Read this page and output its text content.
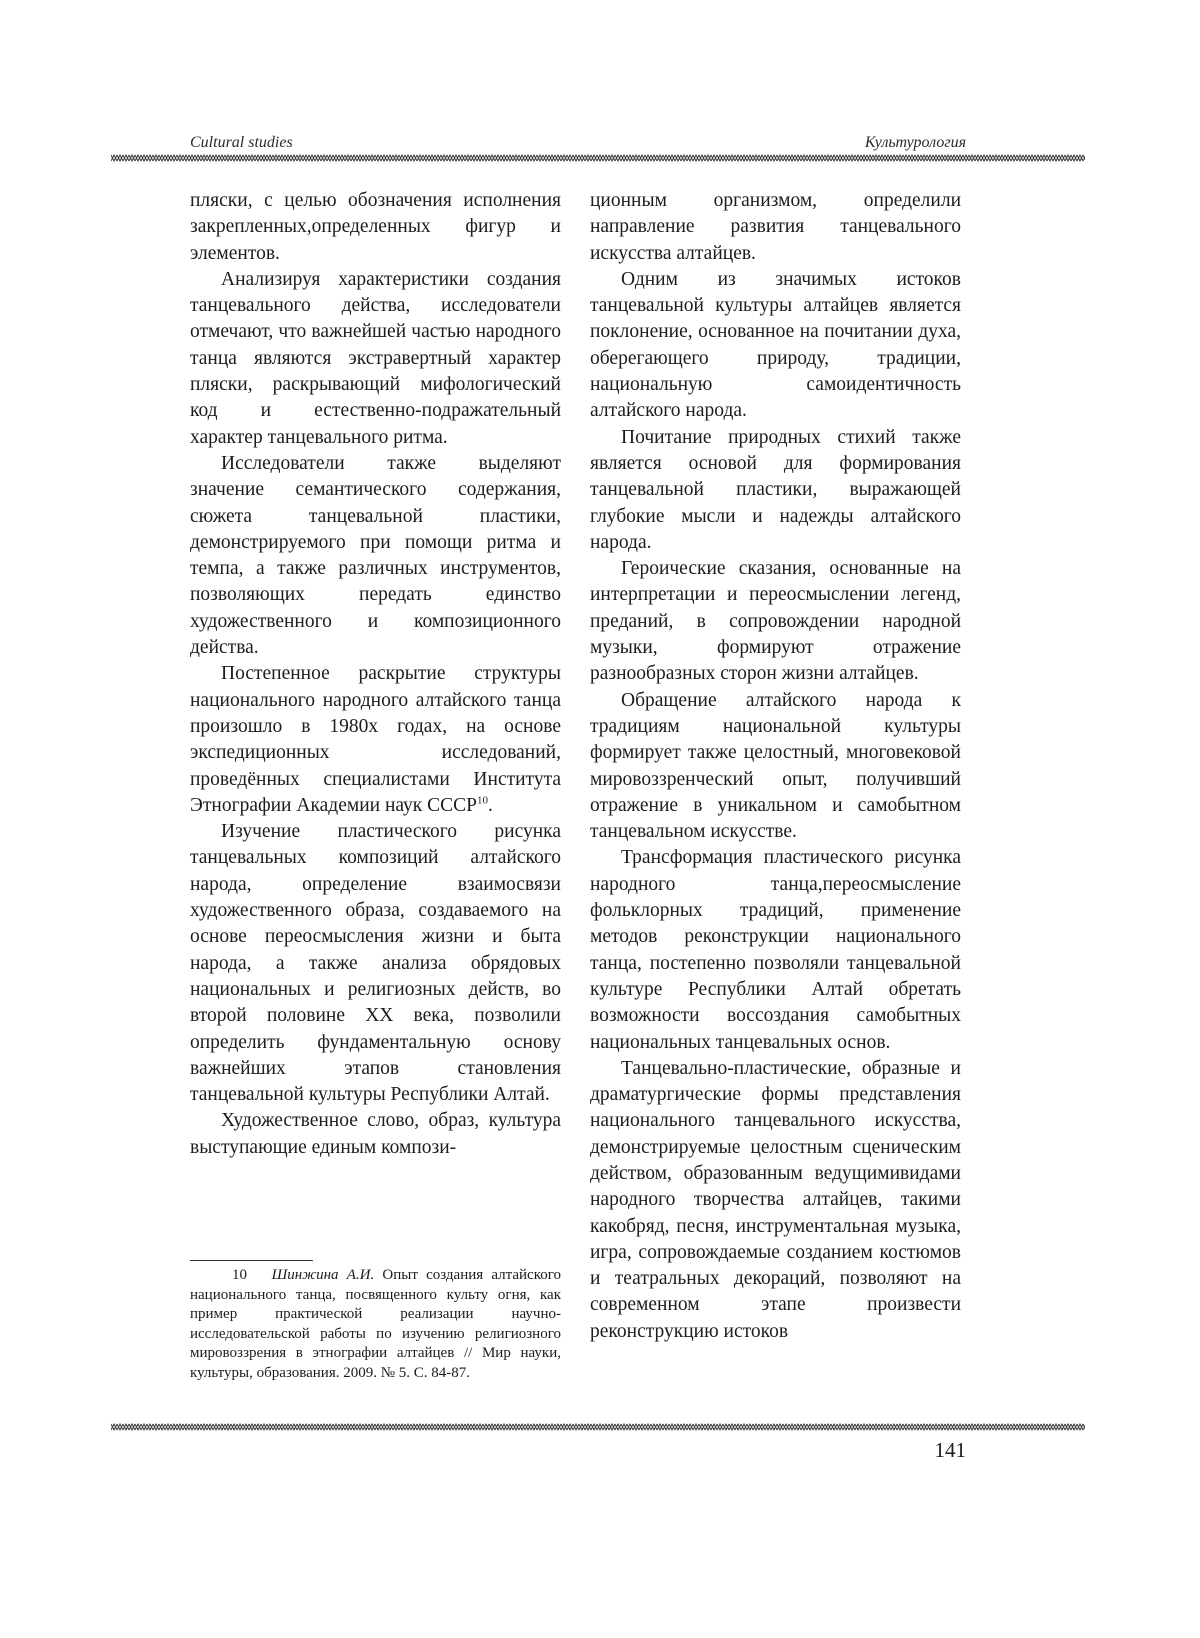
Cultural studies	Культурология

пляски, с целью обозначения исполнения закрепленных,определенных фигур и элементов.

Анализируя характеристики создания танцевального действа, исследователи отмечают, что важнейшей частью народного танца являются экстравертный характер пляски, раскрывающий мифологический код и естественно-подражательный характер танцевального ритма.

Исследователи также выделяют значение семантического содержания, сюжета танцевальной пластики, демонстрируемого при помощи ритма и темпа, а также различных инструментов, позволяющих передать единство художественного и композиционного действа.

Постепенное раскрытие структуры национального народного алтайского танца произошло в 1980х годах, на основе экспедиционных исследований, проведённых специалистами Института Этнографии Академии наук СССР10.

Изучение пластического рисунка танцевальных композиций алтайского народа, определение взаимосвязи художественного образа, создаваемого на основе переосмысления жизни и быта народа, а также анализа обрядовых национальных и религиозных действ, во второй половине XX века, позволили определить фундаментальную основу важнейших этапов становления танцевальной культуры Республики Алтай.

Художественное слово, образ, культура выступающие единым компози-

10 Шинжина А.И. Опыт создания алтайского национального танца, посвященного культу огня, как пример практической реализации научно-исследовательской работы по изучению религиозного мировоззрения в этнографии алтайцев // Мир науки, культуры, образования. 2009. № 5. С. 84-87.

ционным организмом, определили направление развития танцевального искусства алтайцев.

Одним из значимых истоков танцевальной культуры алтайцев является поклонение, основанное на почитании духа, оберегающего природу, традиции, национальную самоидентичность алтайского народа.

Почитание природных стихий также является основой для формирования танцевальной пластики, выражающей глубокие мысли и надежды алтайского народа.

Героические сказания, основанные на интерпретации и переосмыслении легенд, преданий, в сопровождении народной музыки, формируют отражение разнообразных сторон жизни алтайцев.

Обращение алтайского народа к традициям национальной культуры формирует также целостный, многовековой мировоззренческий опыт, получивший отражение в уникальном и самобытном танцевальном искусстве.

Трансформация пластического рисунка народного танца,переосмысление фольклорных традиций, применение методов реконструкции национального танца, постепенно позволяли танцевальной культуре Республики Алтай обретать возможности воссоздания самобытных национальных танцевальных основ.

Танцевально-пластические, образные и драматургические формы представления национального танцевального искусства, демонстрируемые целостным сценическим действом, образованным ведущимивидами народного творчества алтайцев, такими какобряд, песня, инструментальная музыка, игра, сопровождаемые созданием костюмов и театральных декораций, позволяют на современном этапе произвести реконструкцию истоков

141
